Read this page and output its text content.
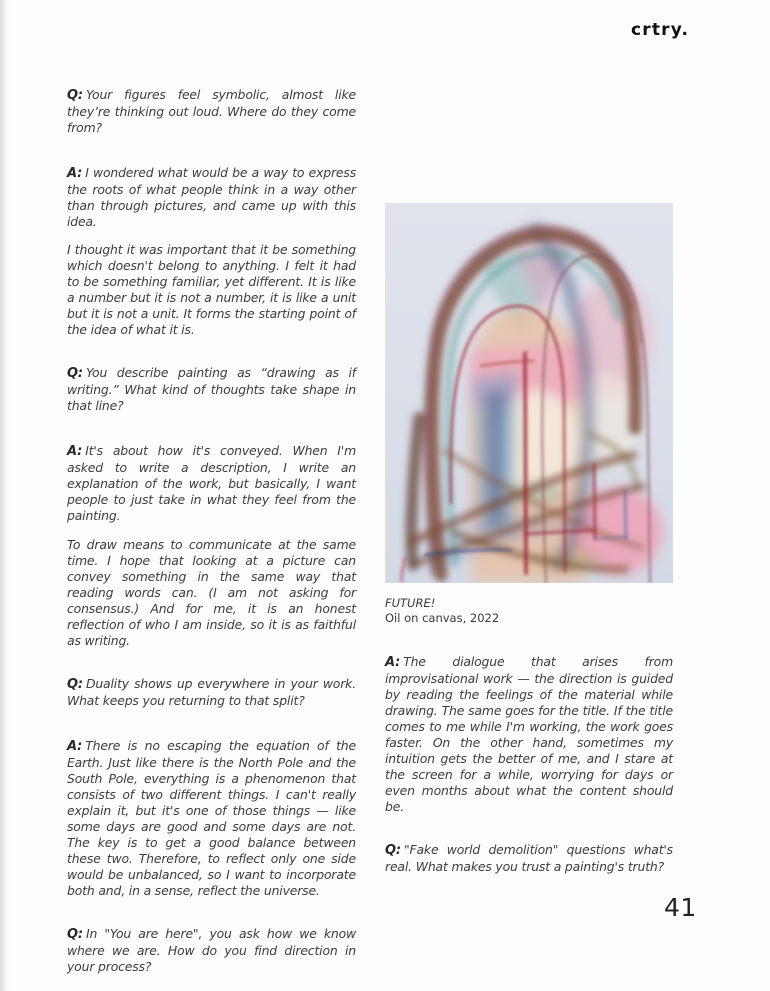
crtry.

Q: Your figures feel symbolic, almost like they’re thinking out loud. Where do they come from?

A: I wondered what would be a way to express the roots of what people think in a way other than through pictures, and came up with this idea.

I thought it was important that it be something which doesn't belong to anything. I felt it had to be something familiar, yet different. It is like a number but it is not a number, it is like a unit but it is not a unit. It forms the starting point of the idea of what it is.

Q: You describe painting as “drawing as if writing.” What kind of thoughts take shape in that line?

A: It's about how it's conveyed. When I'm asked to write a description, I write an explanation of the work, but basically, I want people to just take in what they feel from the painting.

To draw means to communicate at the same time. I hope that looking at a picture can convey something in the same way that reading words can. (I am not asking for consensus.) And for me, it is an honest reflection of who I am inside, so it is as faithful as writing.

Q: Duality shows up everywhere in your work. What keeps you returning to that split?

A: There is no escaping the equation of the Earth. Just like there is the North Pole and the South Pole, everything is a phenomenon that consists of two different things. I can't really explain it, but it's one of those things — like some days are good and some days are not. The key is to get a good balance between these two. Therefore, to reflect only one side would be unbalanced, so I want to incorporate both and, in a sense, reflect the universe.

Q: In "You are here", you ask how we know where we are. How do you find direction in your process?

FUTURE!
Oil on canvas, 2022

A: The dialogue that arises from improvisational work — the direction is guided by reading the feelings of the material while drawing. The same goes for the title. If the title comes to me while I'm working, the work goes faster. On the other hand, sometimes my intuition gets the better of me, and I stare at the screen for a while, worrying for days or even months about what the content should be.

Q: "Fake world demolition" questions what's real. What makes you trust a painting's truth?

41
